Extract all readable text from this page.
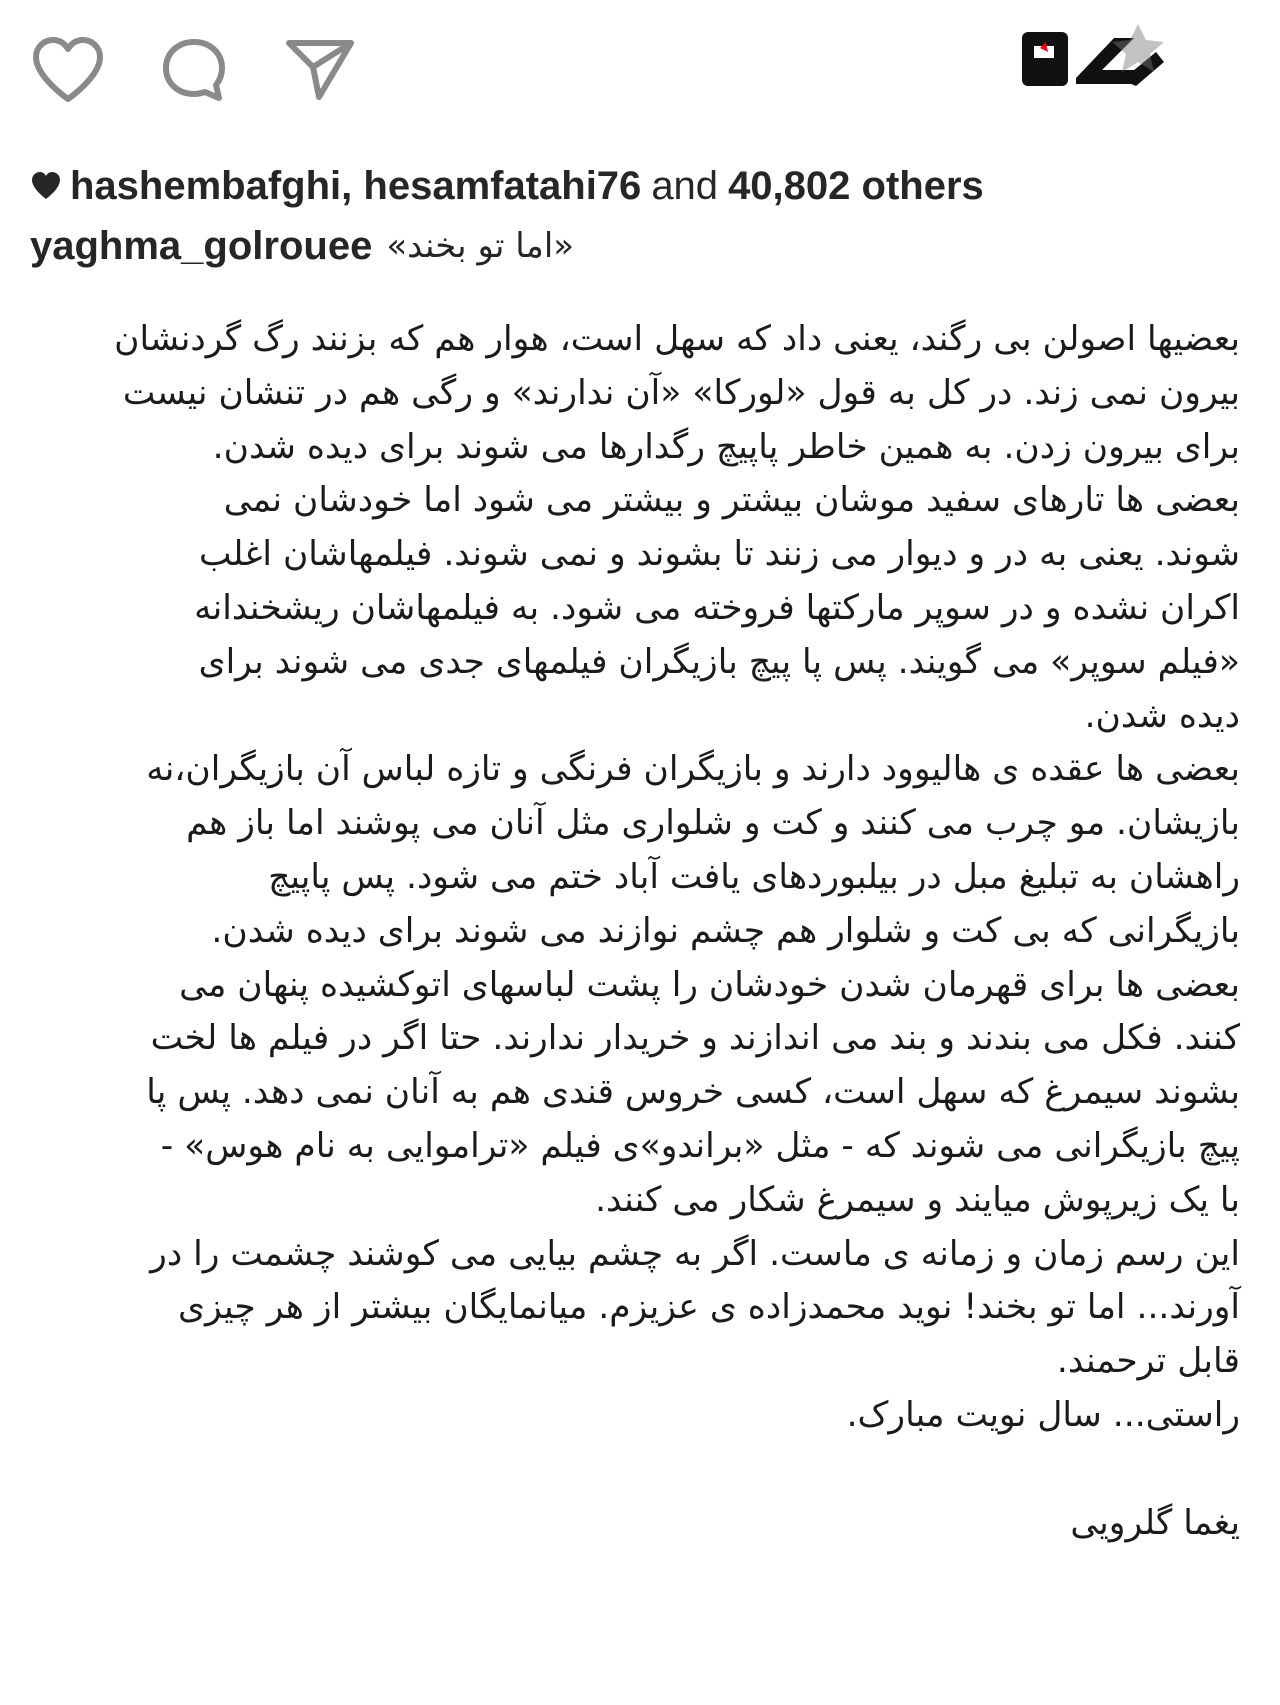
hashembafghi,
hesamfatahi76 and 40,802 others
yaghma_golrouee «اما تو بخند»
بعضیها اصولن بی رگند، یعنی داد که سهل است، هوار هم که بزنند رگ گردنشان
بیرون نمی زند. در کل به قول «لورکا» «آن ندارند» و رگی هم در تنشان نیست
برای بیرون زدن. به همین خاطر پاپیچ رگدارها می شوند برای دیده شدن.
بعضی ها تارهای سفید موشان بیشتر و بیشتر می شود اما خودشان نمی
شوند. یعنی به در و دیوار می زنند تا بشوند و نمی شوند. فیلمهاشان اغلب
اکران نشده و در سوپر مارکتها فروخته می شود. به فیلمهاشان ریشخندانه
«فیلم سوپر» می گویند. پس پا پیچ بازیگران فیلمهای جدی می شوند برای
دیده شدن.
بعضی ها عقده ی هالیوود دارند و بازیگران فرنگی و تازه لباس آن بازیگران،نه
بازیشان. مو چرب می کنند و کت و شلواری مثل آنان می پوشند اما باز هم
راهشان به تبلیغ مبل در بیلبوردهای یافت آباد ختم می شود. پس پاپیچ
بازیگرانی که بی کت و شلوار هم چشم نوازند می شوند برای دیده شدن.
بعضی ها برای قهرمان شدن خودشان را پشت لباسهای اتوکشیده پنهان می
کنند. فکل می بندند و بند می اندازند و خریدار ندارند. حتا اگر در فیلم ها لخت
بشوند سیمرغ که سهل است، کسی خروس قندی هم به آنان نمی دهد. پس پا
پیچ بازیگرانی می شوند که - مثل «براندو»ی فیلم «تراموایی به نام هوس» -
با یک زیرپوش میایند و سیمرغ شکار می کنند.
این رسم زمان و زمانه ی ماست. اگر به چشم بیایی می کوشند چشمت را در
آورند... اما تو بخند! نوید محمدزاده ی عزیزم. میانمایگان بیشتر از هر چیزی
قابل ترحمند.
راستی... سال نویت مبارک.
یغما گلرویی
